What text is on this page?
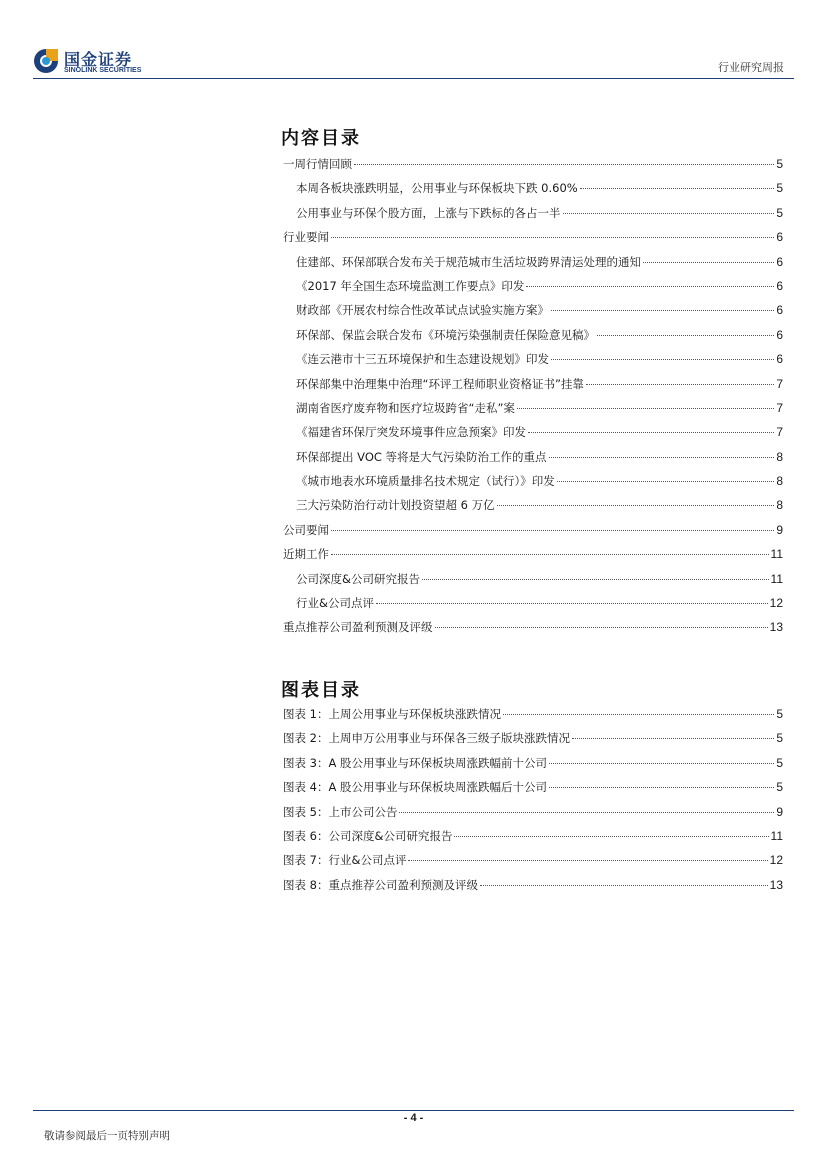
国金证券
SINOLINK SECURITIES	行业研究周报
内容目录
一周行情回顾	5
本周各板块涨跌明显，公用事业与环保板块下跌 0.60%	5
公用事业与环保个股方面，上涨与下跌标的各占一半	5
行业要闻	6
住建部、环保部联合发布关于规范城市生活垃圾跨界清运处理的通知	6
《2017 年全国生态环境监测工作要点》印发	6
财政部《开展农村综合性改革试点试验实施方案》	6
环保部、保监会联合发布《环境污染强制责任保险意见稿》	6
《连云港市十三五环境保护和生态建设规划》印发	6
环保部集中治理集中治理“环评工程师职业资格证书”挂靠	7
湖南省医疗废弃物和医疗垃圾跨省“走私”案	7
《福建省环保厅突发环境事件应急预案》印发	7
环保部提出 VOC 等将是大气污染防治工作的重点	8
《城市地表水环境质量排名技术规定（试行）》印发	8
三大污染防治行动计划投资望超 6 万亿	8
公司要闻	9
近期工作	11
公司深度&公司研究报告	11
行业&公司点评	12
重点推荐公司盈利预测及评级	13
图表目录
图表 1：上周公用事业与环保板块涨跌情况	5
图表 2：上周申万公用事业与环保各三级子版块涨跌情况	5
图表 3：A 股公用事业与环保板块周涨跌幅前十公司	5
图表 4：A 股公用事业与环保板块周涨跌幅后十公司	5
图表 5：上市公司公告	9
图表 6：公司深度&公司研究报告	11
图表 7：行业&公司点评	12
图表 8：重点推荐公司盈利预测及评级	13
- 4 -
敬请参阅最后一页特别声明
